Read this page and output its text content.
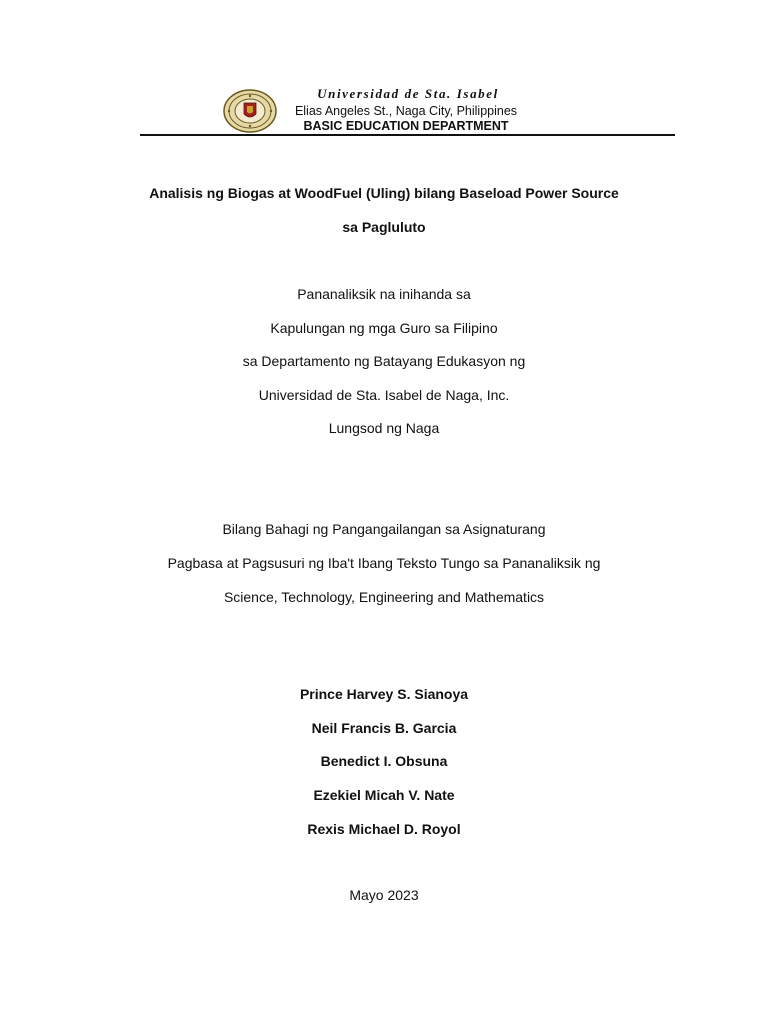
Universidad de Sta. Isabel
Elias Angeles St., Naga City, Philippines
BASIC EDUCATION DEPARTMENT
Analisis ng Biogas at WoodFuel (Uling) bilang Baseload Power Source
sa Pagluluto
Pananaliksik na inihanda sa
Kapulungan ng mga Guro sa Filipino
sa Departamento ng Batayang Edukasyon ng
Universidad de Sta. Isabel de Naga, Inc.
Lungsod ng Naga
Bilang Bahagi ng Pangangailangan sa Asignaturang
Pagbasa at Pagsusuri ng Iba't Ibang Teksto Tungo sa Pananaliksik ng
Science, Technology, Engineering and Mathematics
Prince Harvey S. Sianoya
Neil Francis B. Garcia
Benedict I. Obsuna
Ezekiel Micah V. Nate
Rexis Michael D. Royol
Mayo 2023
